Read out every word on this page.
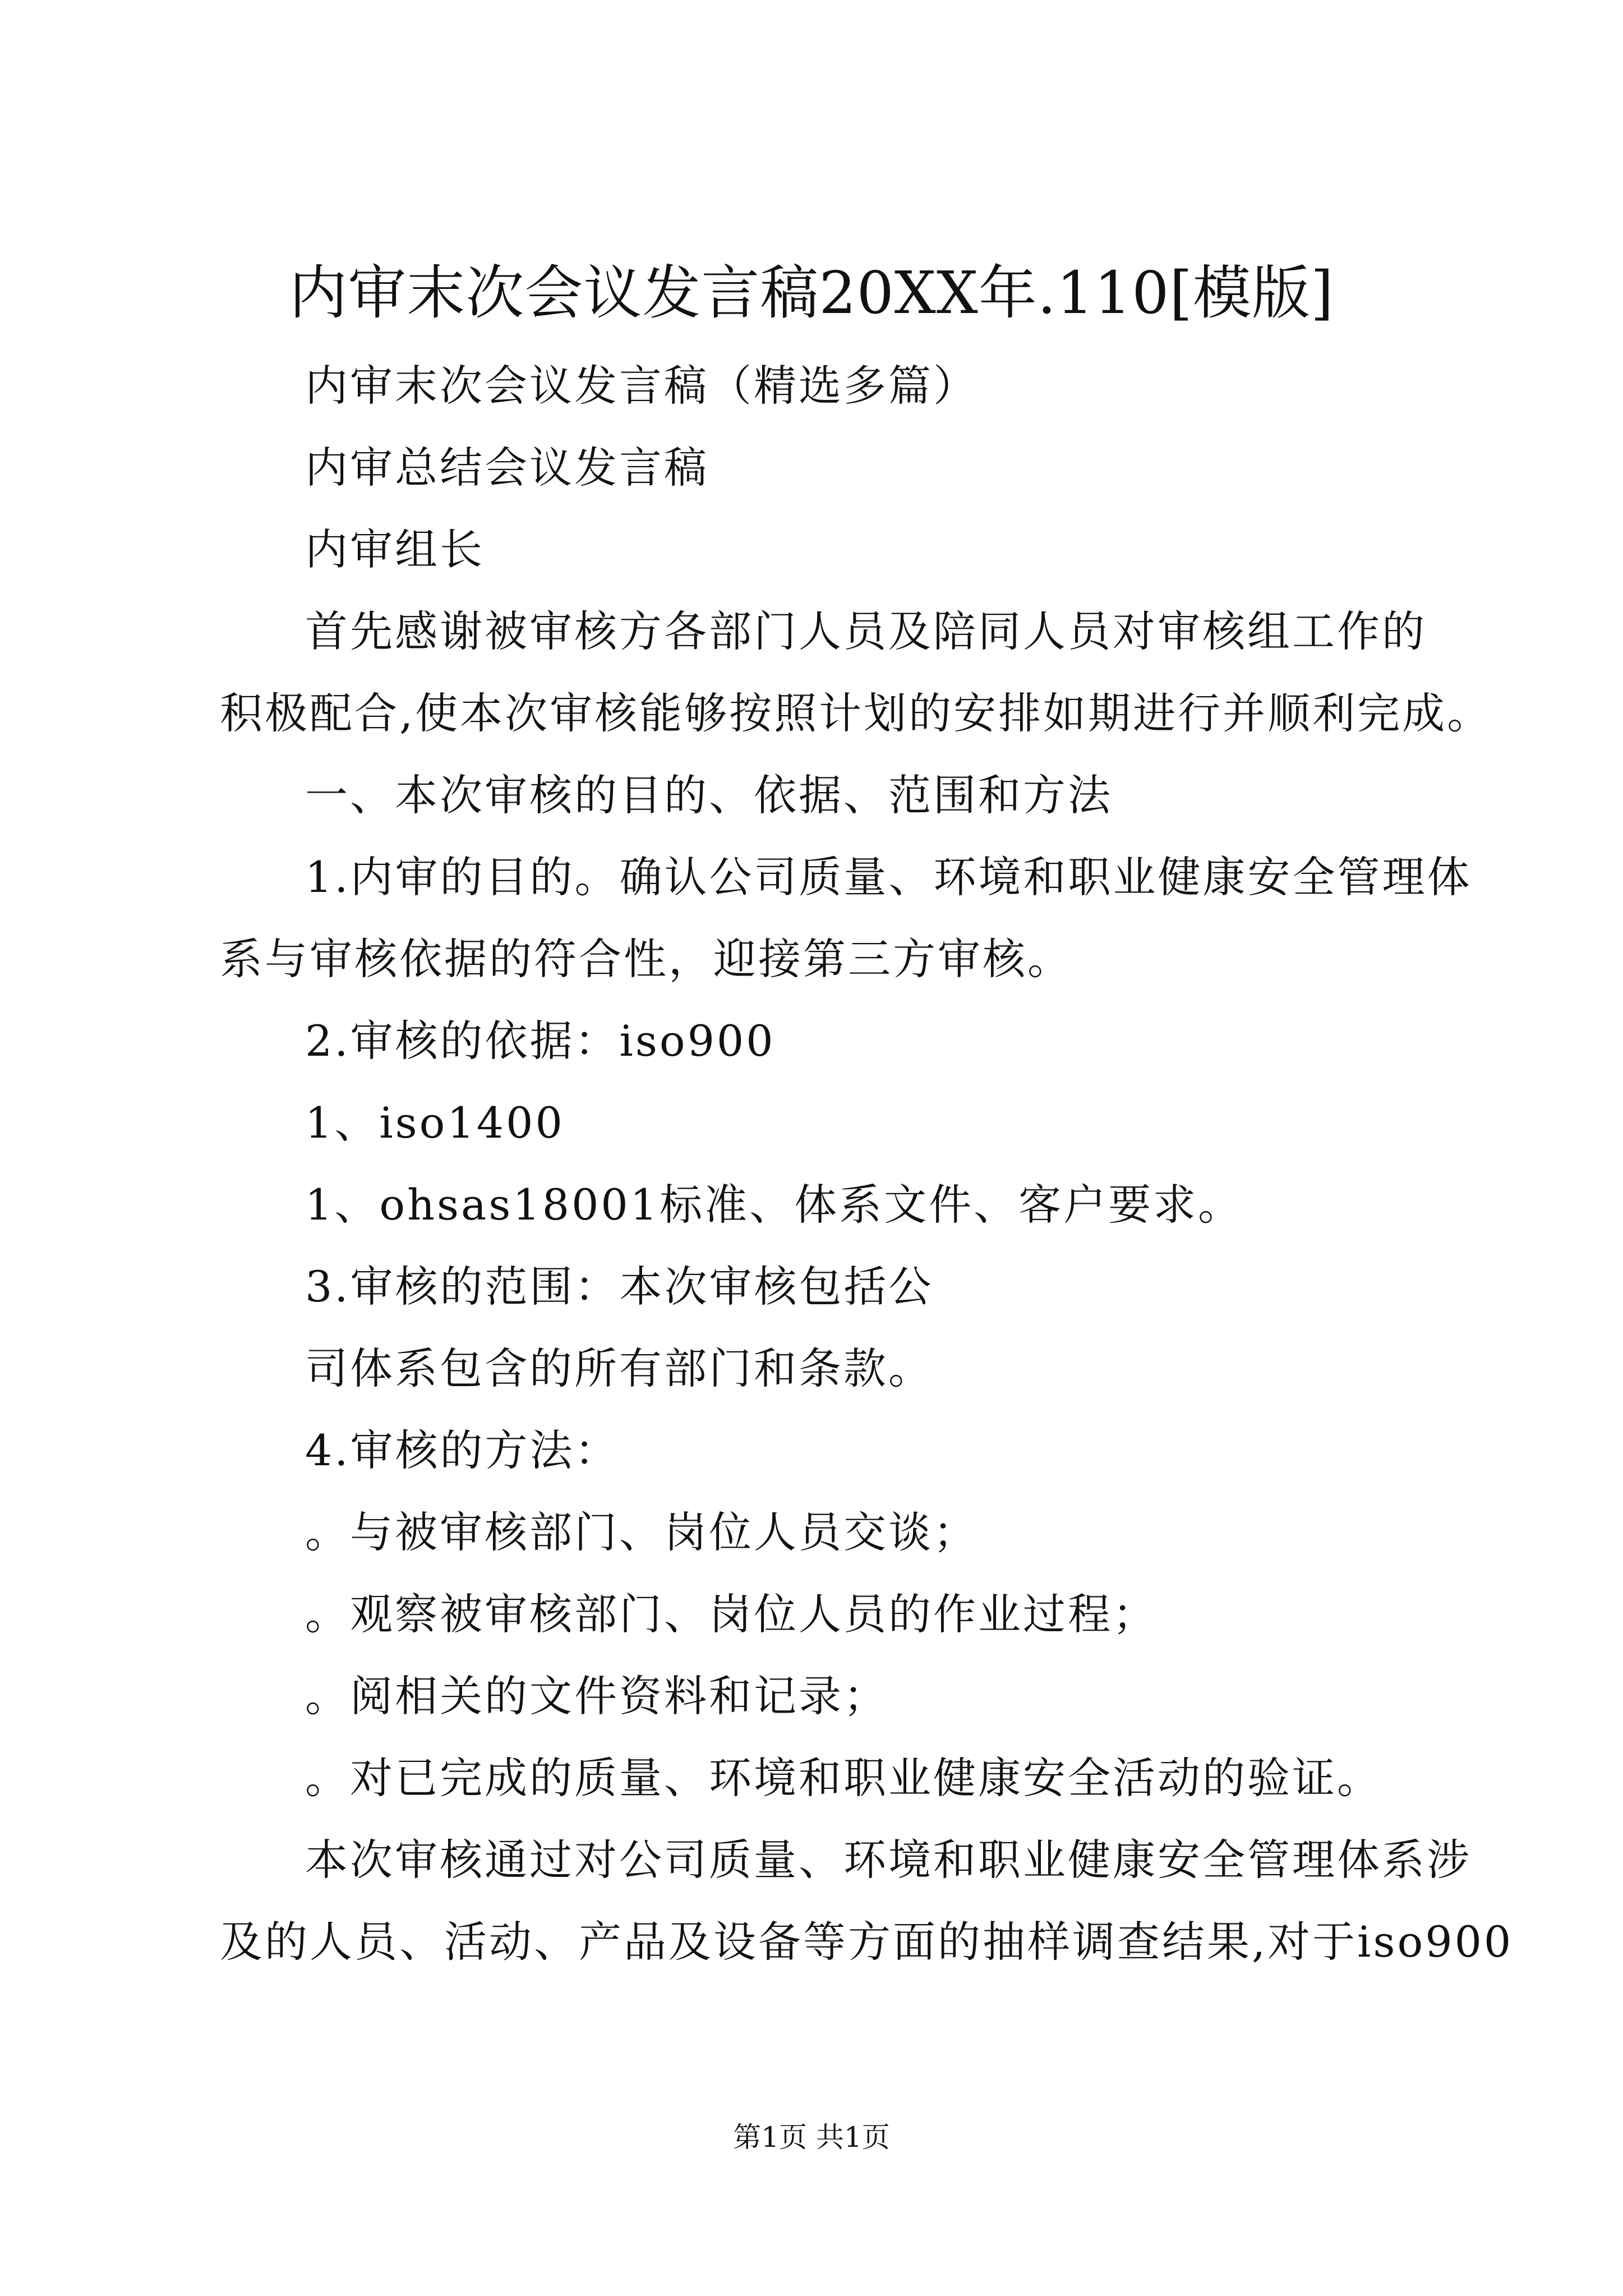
内审末次会议发言稿20XX年.110[模版]
内审末次会议发言稿（精选多篇）
内审总结会议发言稿
内审组长
首先感谢被审核方各部门人员及陪同人员对审核组工作的
积极配合,使本次审核能够按照计划的安排如期进行并顺利完成。
一、本次审核的目的、依据、范围和方法
1.内审的目的。确认公司质量、环境和职业健康安全管理体
系与审核依据的符合性，迎接第三方审核。
2.审核的依据：iso900
1、iso1400
1、ohsas18001标准、体系文件、客户要求。
3.审核的范围：本次审核包括公
司体系包含的所有部门和条款。
4.审核的方法：
。与被审核部门、岗位人员交谈；
。观察被审核部门、岗位人员的作业过程；
。阅相关的文件资料和记录；
。对已完成的质量、环境和职业健康安全活动的验证。
本次审核通过对公司质量、环境和职业健康安全管理体系涉
及的人员、活动、产品及设备等方面的抽样调查结果,对于iso900
第1页 共1页
